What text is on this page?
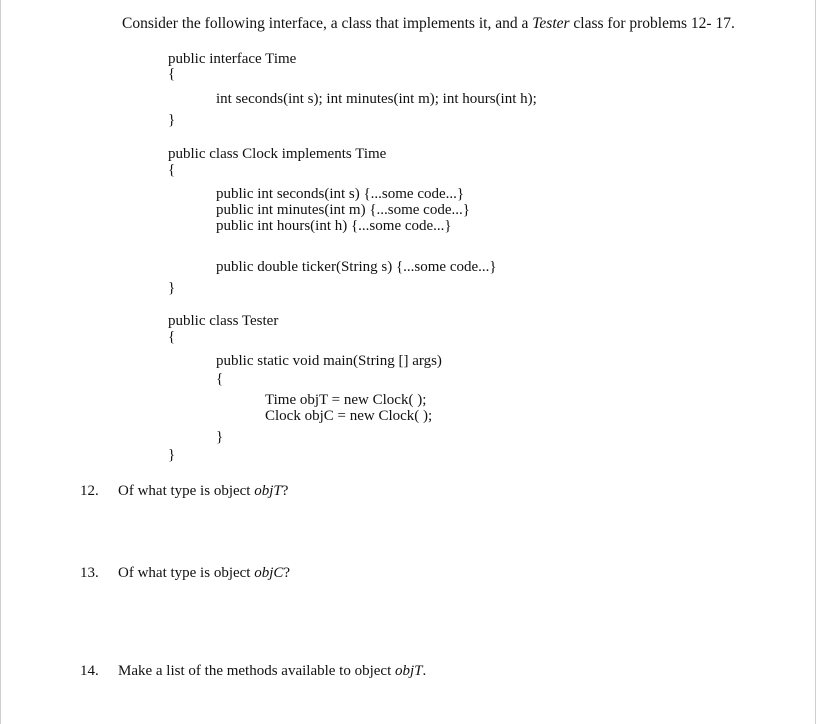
Consider the following interface, a class that implements it, and a Tester class for problems 12- 17.
public interface Time
{
int seconds(int s); int minutes(int m); int hours(int h);
}
public class Clock implements Time
{
public int seconds(int s) {...some code...}
public int minutes(int m) {...some code...}
public int hours(int h) {...some code...}
public double ticker(String s) {...some code...}
}
public class Tester
{
public static void main(String [] args)
{
Time objT = new Clock( );
Clock objC = new Clock( );
}
}
12. Of what type is object objT?
13. Of what type is object objC?
14. Make a list of the methods available to object objT.
